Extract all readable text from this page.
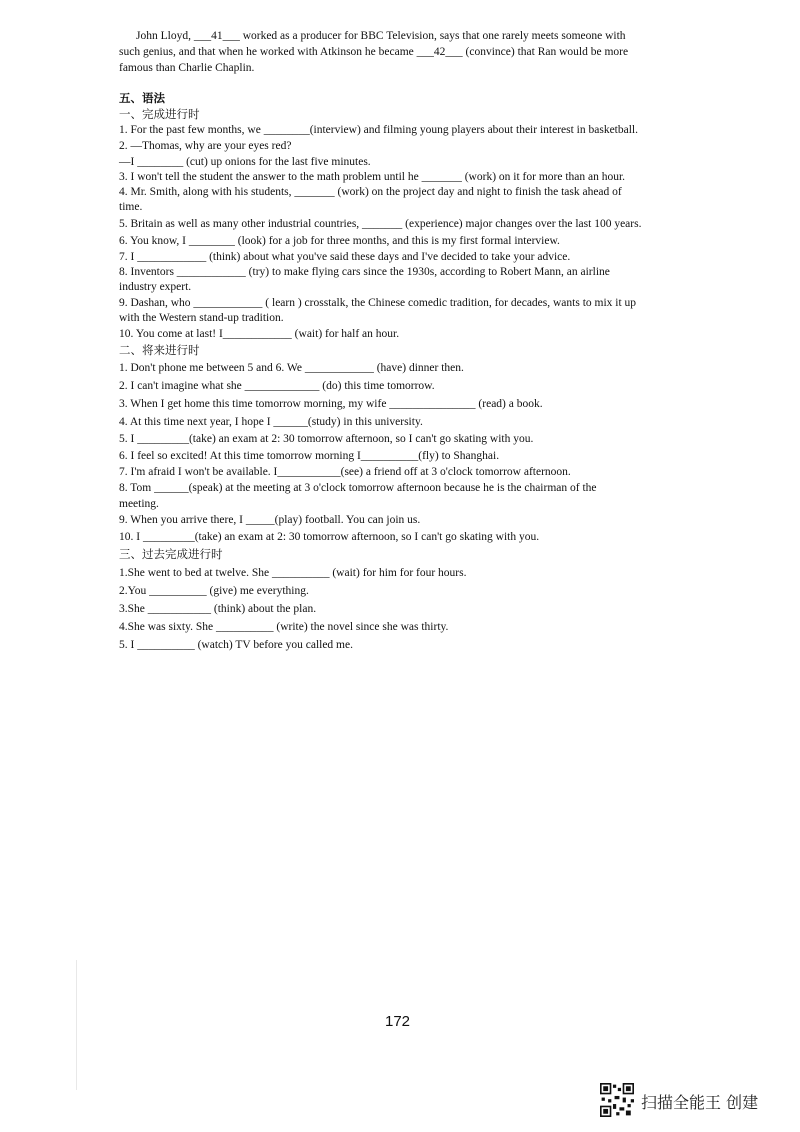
John Lloyd, ___41___ worked as a producer for BBC Television, says that one rarely meets someone with
such genius, and that when he worked with Atkinson he became ___42___ (convince) that Ran would be more
famous than Charlie Chaplin.
五、语法
一、完成进行时
1. For the past few months, we ________(interview) and filming young players about their interest in basketball.
2. —Thomas, why are your eyes red?
—I ________ (cut) up onions for the last five minutes.
3. I won't tell the student the answer to the math problem until he _______ (work) on it for more than an hour.
4. Mr. Smith, along with his students, _______ (work) on the project day and night to finish the task ahead of
time.
5. Britain as well as many other industrial countries, _______ (experience) major changes over the last 100 years.
6. You know, I ________ (look) for a job for three months, and this is my first formal interview.
7. I ____________ (think) about what you've said these days and I've decided to take your advice.
8. Inventors ____________ (try) to make flying cars since the 1930s, according to Robert Mann, an airline
industry expert.
9. Dashan, who ____________ ( learn ) crosstalk, the Chinese comedic tradition, for decades, wants to mix it up
with the Western stand-up tradition.
10. You come at last! I____________ (wait) for half an hour.
二、将来进行时
1. Don't phone me between 5 and 6. We ____________ (have) dinner then.
2. I can't imagine what she _____________ (do) this time tomorrow.
3. When I get home this time tomorrow morning, my wife _______________ (read) a book.
4. At this time next year, I hope I ______(study) in this university.
5. I _________(take) an exam at 2: 30 tomorrow afternoon, so I can't go skating with you.
6. I feel so excited! At this time tomorrow morning I__________(fly) to Shanghai.
7. I'm afraid I won't be available. I___________(see) a friend off at 3 o'clock tomorrow afternoon.
8. Tom ______(speak) at the meeting at 3 o'clock tomorrow afternoon because he is the chairman of the
meeting.
9. When you arrive there, I _____(play) football. You can join us.
10. I _________(take) an exam at 2: 30 tomorrow afternoon, so I can't go skating with you.
三、过去完成进行时
1.She went to bed at twelve. She __________ (wait) for him for four hours.
2.You __________ (give) me everything.
3.She ___________ (think) about the plan.
4.She was sixty. She __________ (write) the novel since she was thirty.
5. I __________ (watch) TV before you called me.
172
扫描全能王 创建
